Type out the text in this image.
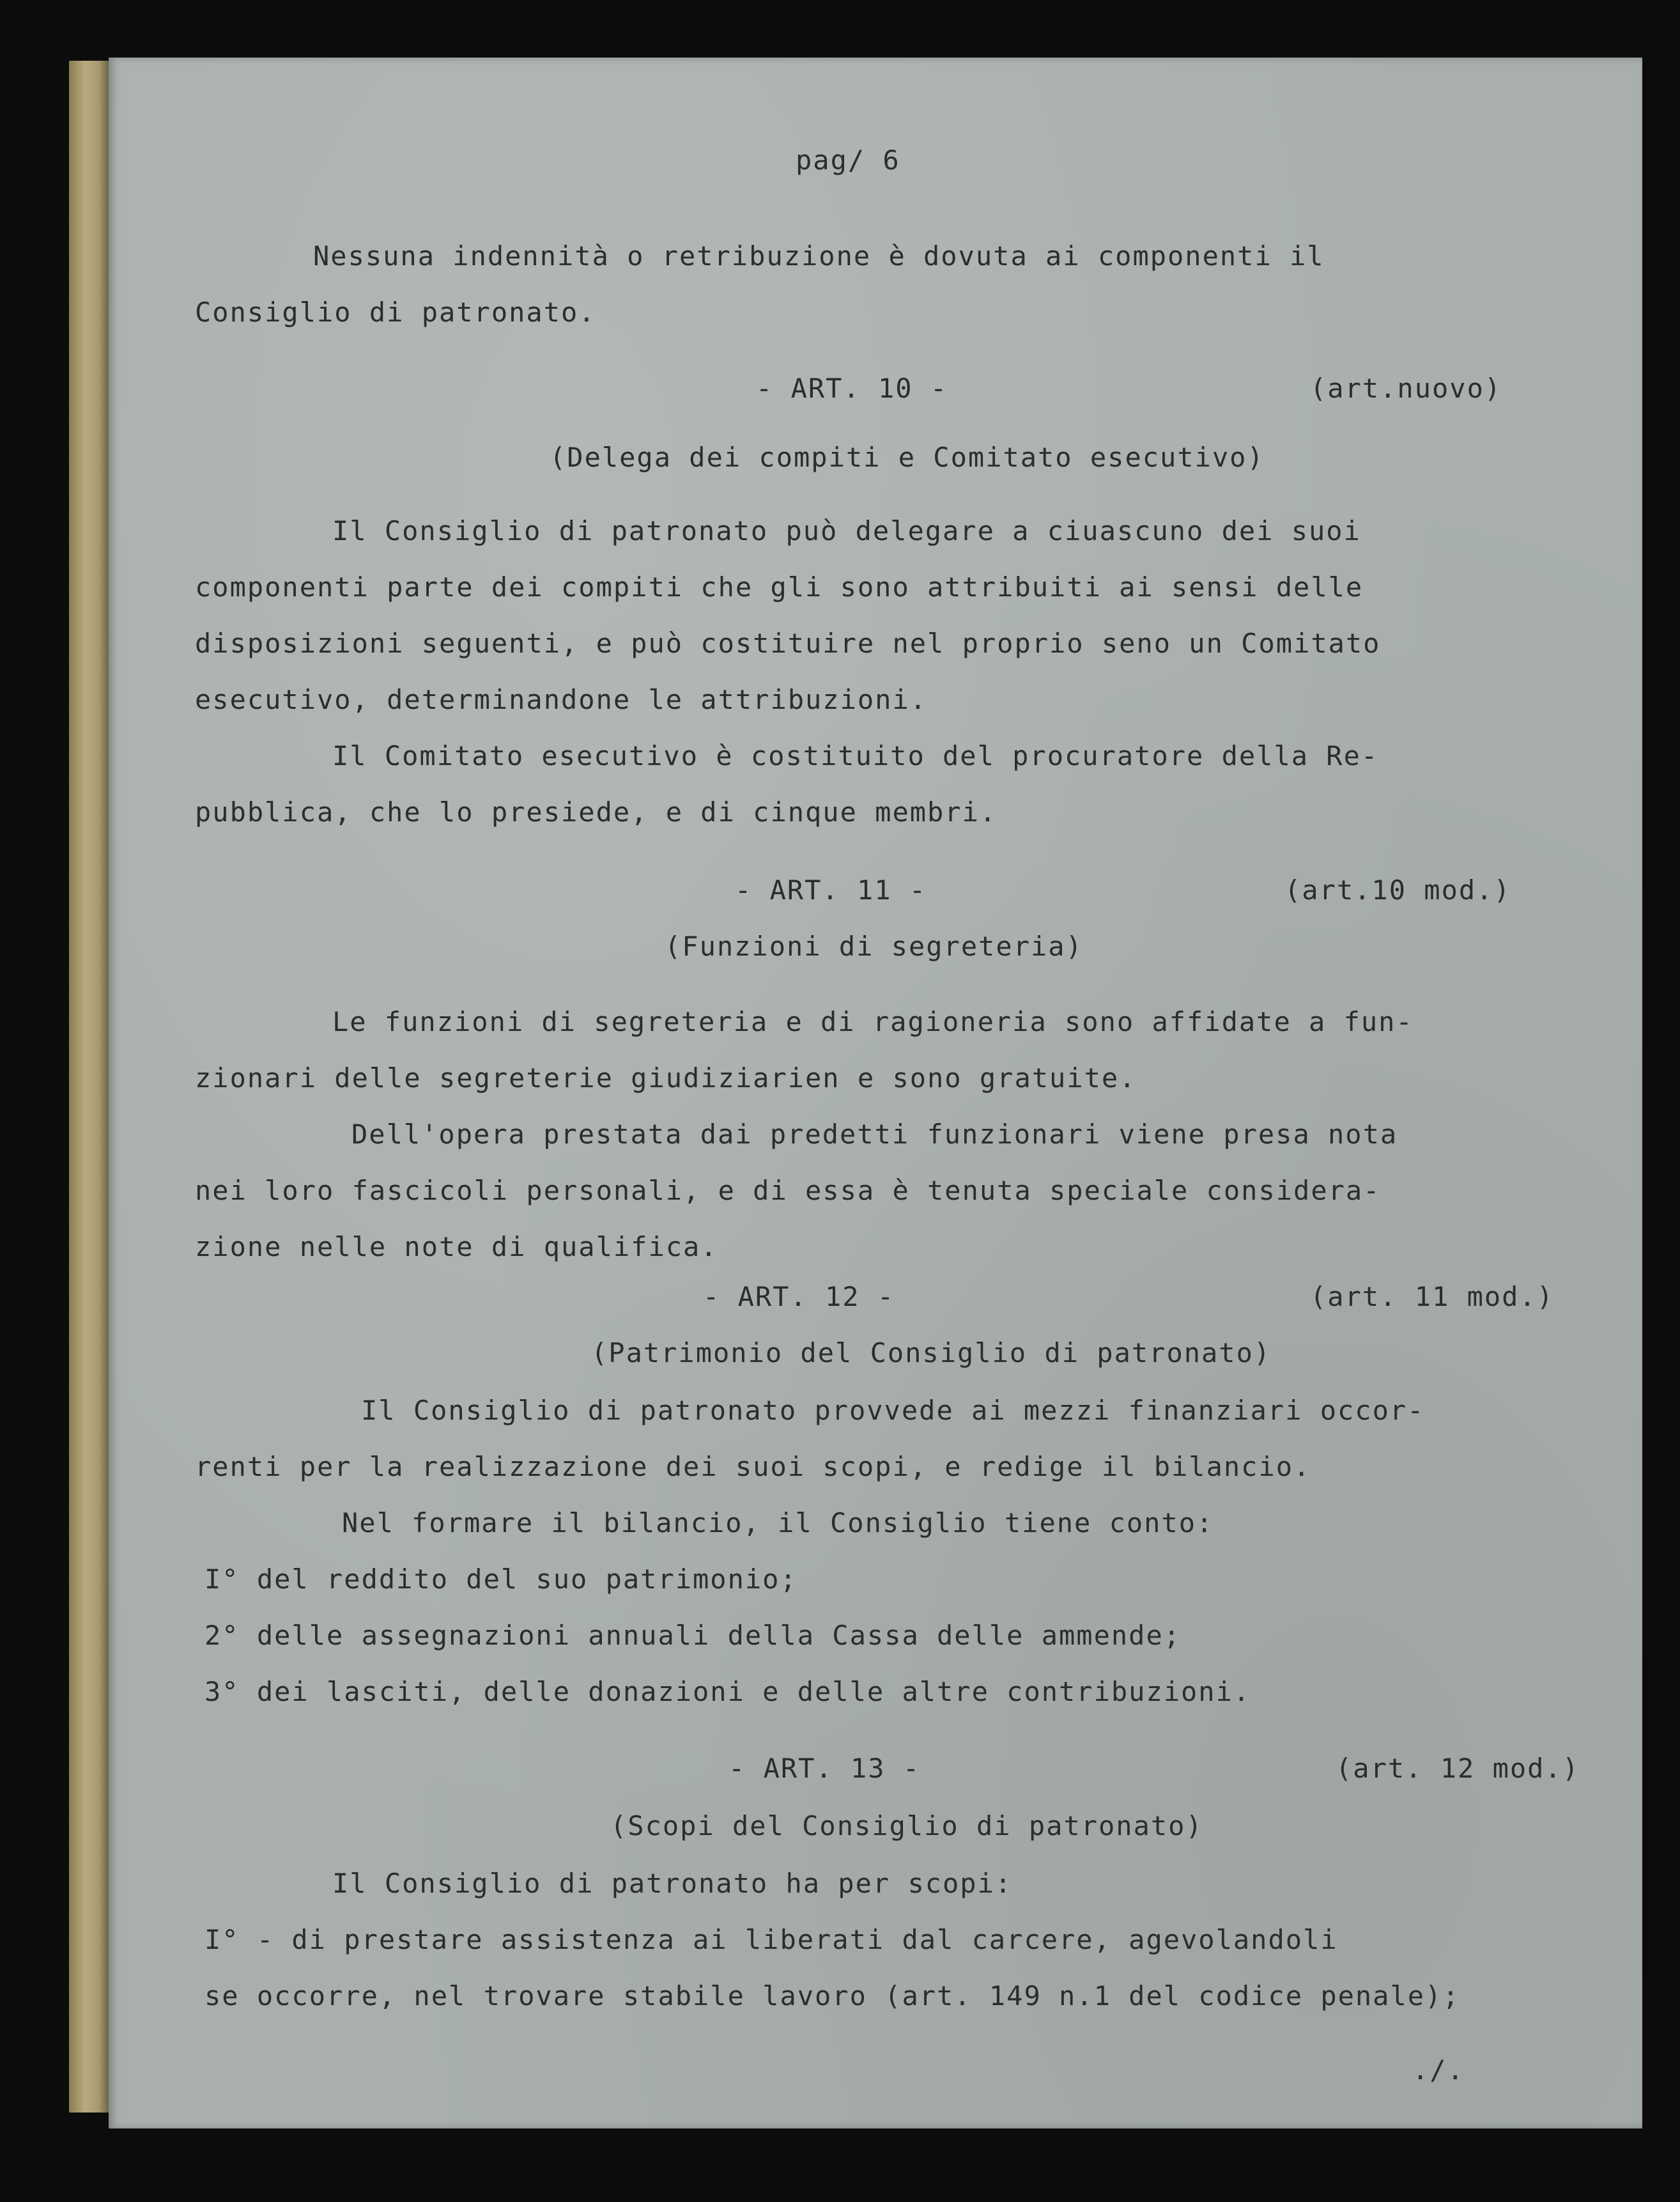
pag/ 6
Nessuna indennità o retribuzione è dovuta ai componenti il
Consiglio di patronato.
- ART. 10 -	(art.nuovo)
(Delega dei compiti e Comitato esecutivo)
Il Consiglio di patronato può delegare a ciuascuno dei suoi
componenti parte dei compiti che gli sono attribuiti ai sensi delle
disposizioni seguenti, e può costituire nel proprio seno un Comitato
esecutivo, determinandone le attribuzioni.
Il Comitato esecutivo è costituito del procuratore della Re-
pubblica, che lo presiede, e di cinque membri.
- ART. 11 -	(art.10 mod.)
(Funzioni di segreteria)
Le funzioni di segreteria e di ragioneria sono affidate a fun-
zionari delle segreterie giudiziarien e sono gratuite.
Dell'opera prestata dai predetti funzionari viene presa nota
nei loro fascicoli personali, e di essa è tenuta speciale considera-
zione nelle note di qualifica.
- ART. 12 -	(art. 11 mod.)
(Patrimonio del Consiglio di patronato)
Il Consiglio di patronato provvede ai mezzi finanziari occor-
renti per la realizzazione dei suoi scopi, e redige il bilancio.
Nel formare il bilancio, il Consiglio tiene conto:
I° del reddito del suo patrimonio;
2° delle assegnazioni annuali della Cassa delle ammende;
3° dei lasciti, delle donazioni e delle altre contribuzioni.
- ART. 13 -	(art. 12 mod.)
(Scopi del Consiglio di patronato)
Il Consiglio di patronato ha per scopi:
I° - di prestare assistenza ai liberati dal carcere, agevolandoli
se occorre, nel trovare stabile lavoro (art. 149 n.1 del codice penale);
./.
